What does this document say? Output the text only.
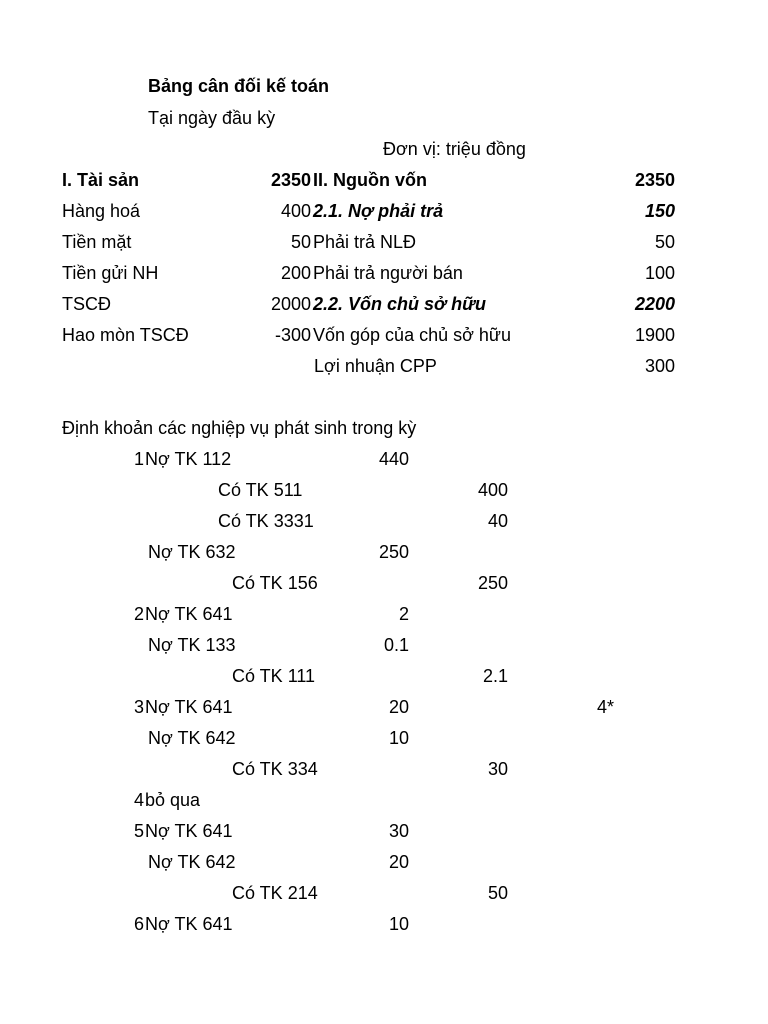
Bảng cân đối kế toán
Tại ngày đầu kỳ
Đơn vị: triệu đồng
I. Tài sản	2350 II. Nguồn vốn	2350
Hàng hoá	400 2.1. Nợ phải trả	150
Tiền mặt	50 Phải trả NLĐ	50
Tiền gửi NH	200 Phải trả người bán	100
TSCĐ	2000 2.2. Vốn chủ sở hữu	2200
Hao mòn TSCĐ	-300 Vốn góp của chủ sở hữu	1900
Lợi nhuận CPP	300
Định khoản các nghiệp vụ phát sinh trong kỳ
1 Nợ TK 112	440
Có TK 511	400
Có TK 3331	40
Nợ TK 632	250
Có TK 156	250
2 Nợ TK 641	2
Nợ TK 133	0.1
Có TK 111	2.1
3 Nợ TK 641	20	4*
Nợ TK 642	10
Có TK 334	30
4 bỏ qua
5 Nợ TK 641	30
Nợ TK 642	20
Có TK 214	50
6 Nợ TK 641	10
